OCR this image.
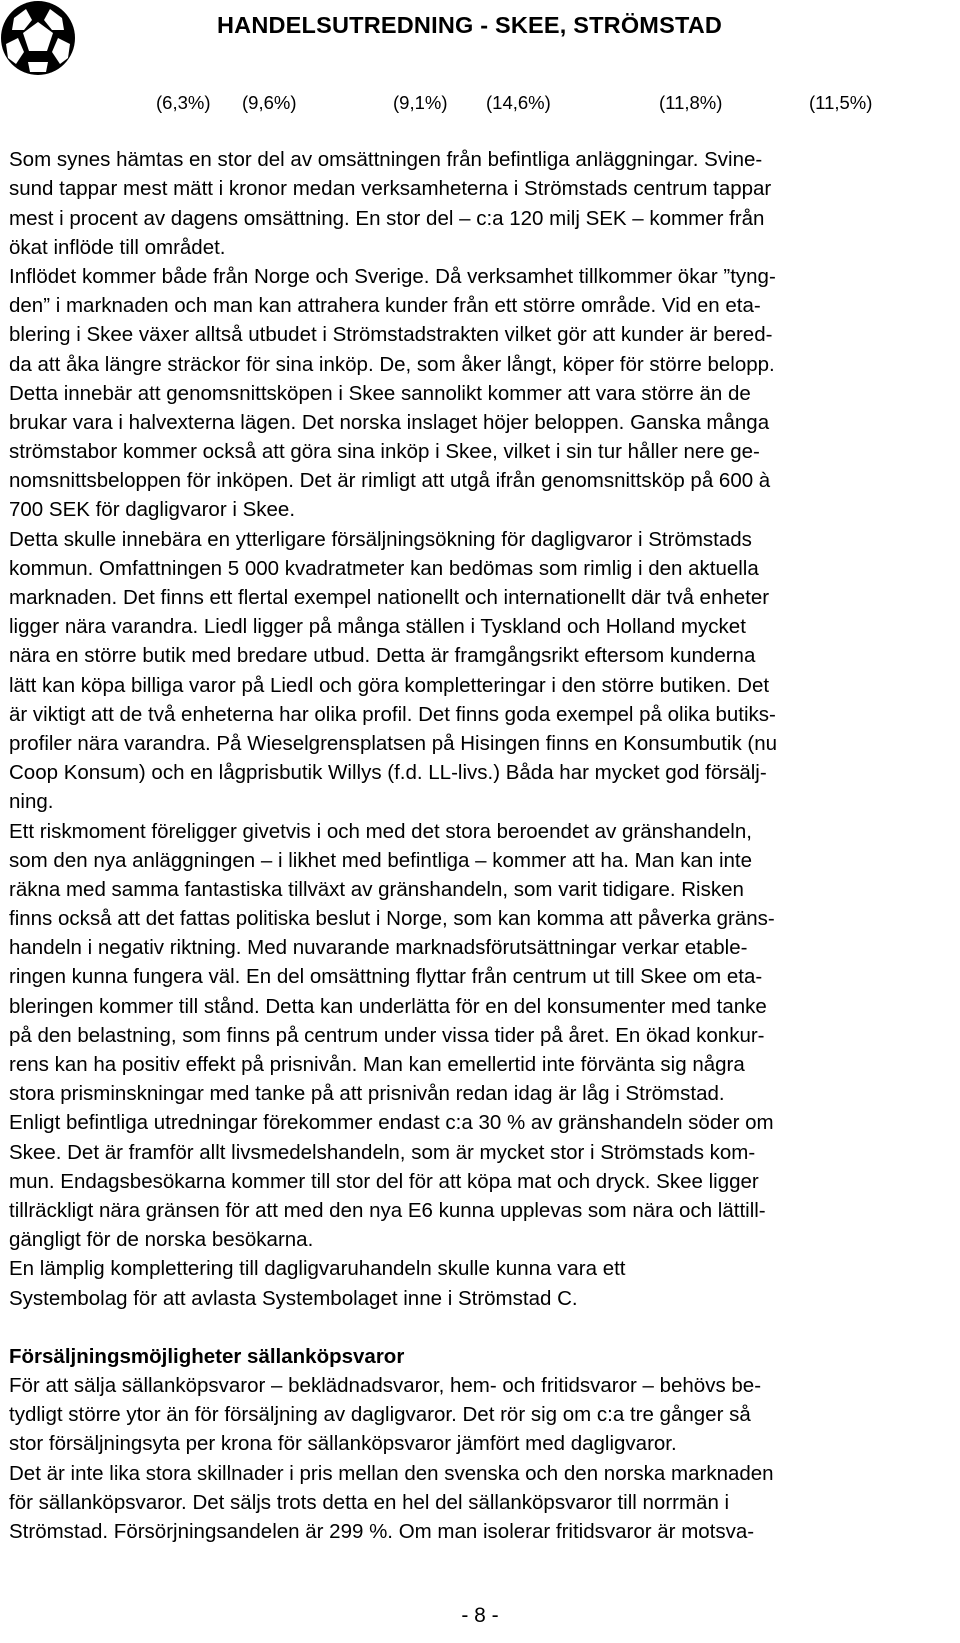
HANDELSUTREDNING - SKEE, STRÖMSTAD
(6,3%) (9,6%)	(9,1%) (14,6%)	(11,8%)	(11,5%)
Som synes hämtas en stor del av omsättningen från befintliga anläggningar. Svine-
sund tappar mest mätt i kronor medan verksamheterna i Strömstads centrum tappar
mest i procent av dagens omsättning. En stor del – c:a 120 milj SEK – kommer från
ökat inflöde till området.
Inflödet kommer både från Norge och Sverige. Då verksamhet tillkommer ökar ”tyng-
den” i marknaden och man kan attrahera kunder från ett större område. Vid en eta-
blering i Skee växer alltså utbudet i Strömstadstrakten vilket gör att kunder är bered-
da att åka längre sträckor för sina inköp. De, som åker långt, köper för större belopp.
Detta innebär att genomsnittsköpen i Skee sannolikt kommer att vara större än de
brukar vara i halvexterna lägen. Det norska inslaget höjer beloppen. Ganska många
strömstabor kommer också att göra sina inköp i Skee, vilket i sin tur håller nere ge-
nomsnittsbeloppen för inköpen. Det är rimligt att utgå ifrån genomsnittsköp på 600 à
700 SEK för dagligvaror i Skee.
Detta skulle innebära en ytterligare försäljningsökning för dagligvaror i Strömstads
kommun. Omfattningen 5 000 kvadratmeter kan bedömas som rimlig i den aktuella
marknaden. Det finns ett flertal exempel nationellt och internationellt där två enheter
ligger nära varandra. Liedl ligger på många ställen i Tyskland och Holland mycket
nära en större butik med bredare utbud. Detta är framgångsrikt eftersom kunderna
lätt kan köpa billiga varor på Liedl och göra kompletteringar i den större butiken. Det
är viktigt att de två enheterna har olika profil. Det finns goda exempel på olika butiks-
profiler nära varandra. På Wieselgrensplatsen på Hisingen finns en Konsumbutik (nu
Coop Konsum) och en lågprisbutik Willys (f.d. LL-livs.) Båda har mycket god försälj-
ning.
Ett riskmoment föreligger givetvis i och med det stora beroendet av gränshandeln,
som den nya anläggningen – i likhet med befintliga – kommer att ha. Man kan inte
räkna med samma fantastiska tillväxt av gränshandeln, som varit tidigare. Risken
finns också att det fattas politiska beslut i Norge, som kan komma att påverka gräns-
handeln i negativ riktning. Med nuvarande marknadsförutsättningar verkar etable-
ringen kunna fungera väl. En del omsättning flyttar från centrum ut till Skee om eta-
bleringen kommer till stånd. Detta kan underlätta för en del konsumenter med tanke
på den belastning, som finns på centrum under vissa tider på året. En ökad konkur-
rens kan ha positiv effekt på prisnivån. Man kan emellertid inte förvänta sig några
stora prisminskningar med tanke på att prisnivån redan idag är låg i Strömstad.
Enligt befintliga utredningar förekommer endast c:a 30 % av gränshandeln söder om
Skee. Det är framför allt livsmedelshandeln, som är mycket stor i Strömstads kom-
mun. Endagsbesökarna kommer till stor del för att köpa mat och dryck. Skee ligger
tillräckligt nära gränsen för att med den nya E6 kunna upplevas som nära och lättill-
gängligt för de norska besökarna.
En lämplig komplettering till dagligvaruhandeln skulle kunna vara ett
Systembolag för att avlasta Systembolaget inne i Strömstad C.
Försäljningsmöjligheter sällanköpsvaror
För att sälja sällanköpsvaror – beklädnadsvaror, hem- och fritidsvaror – behövs be-
tydligt större ytor än för försäljning av dagligvaror. Det rör sig om c:a tre gånger så
stor försäljningsyta per krona för sällanköpsvaror jämfört med dagligvaror.
Det är inte lika stora skillnader i pris mellan den svenska och den norska marknaden
för sällanköpsvaror. Det säljs trots detta en hel del sällanköpsvaror till norrmän i
Strömstad. Försörjningsandelen är 299 %. Om man isolerar fritidsvaror är motsva-
- 8 -
